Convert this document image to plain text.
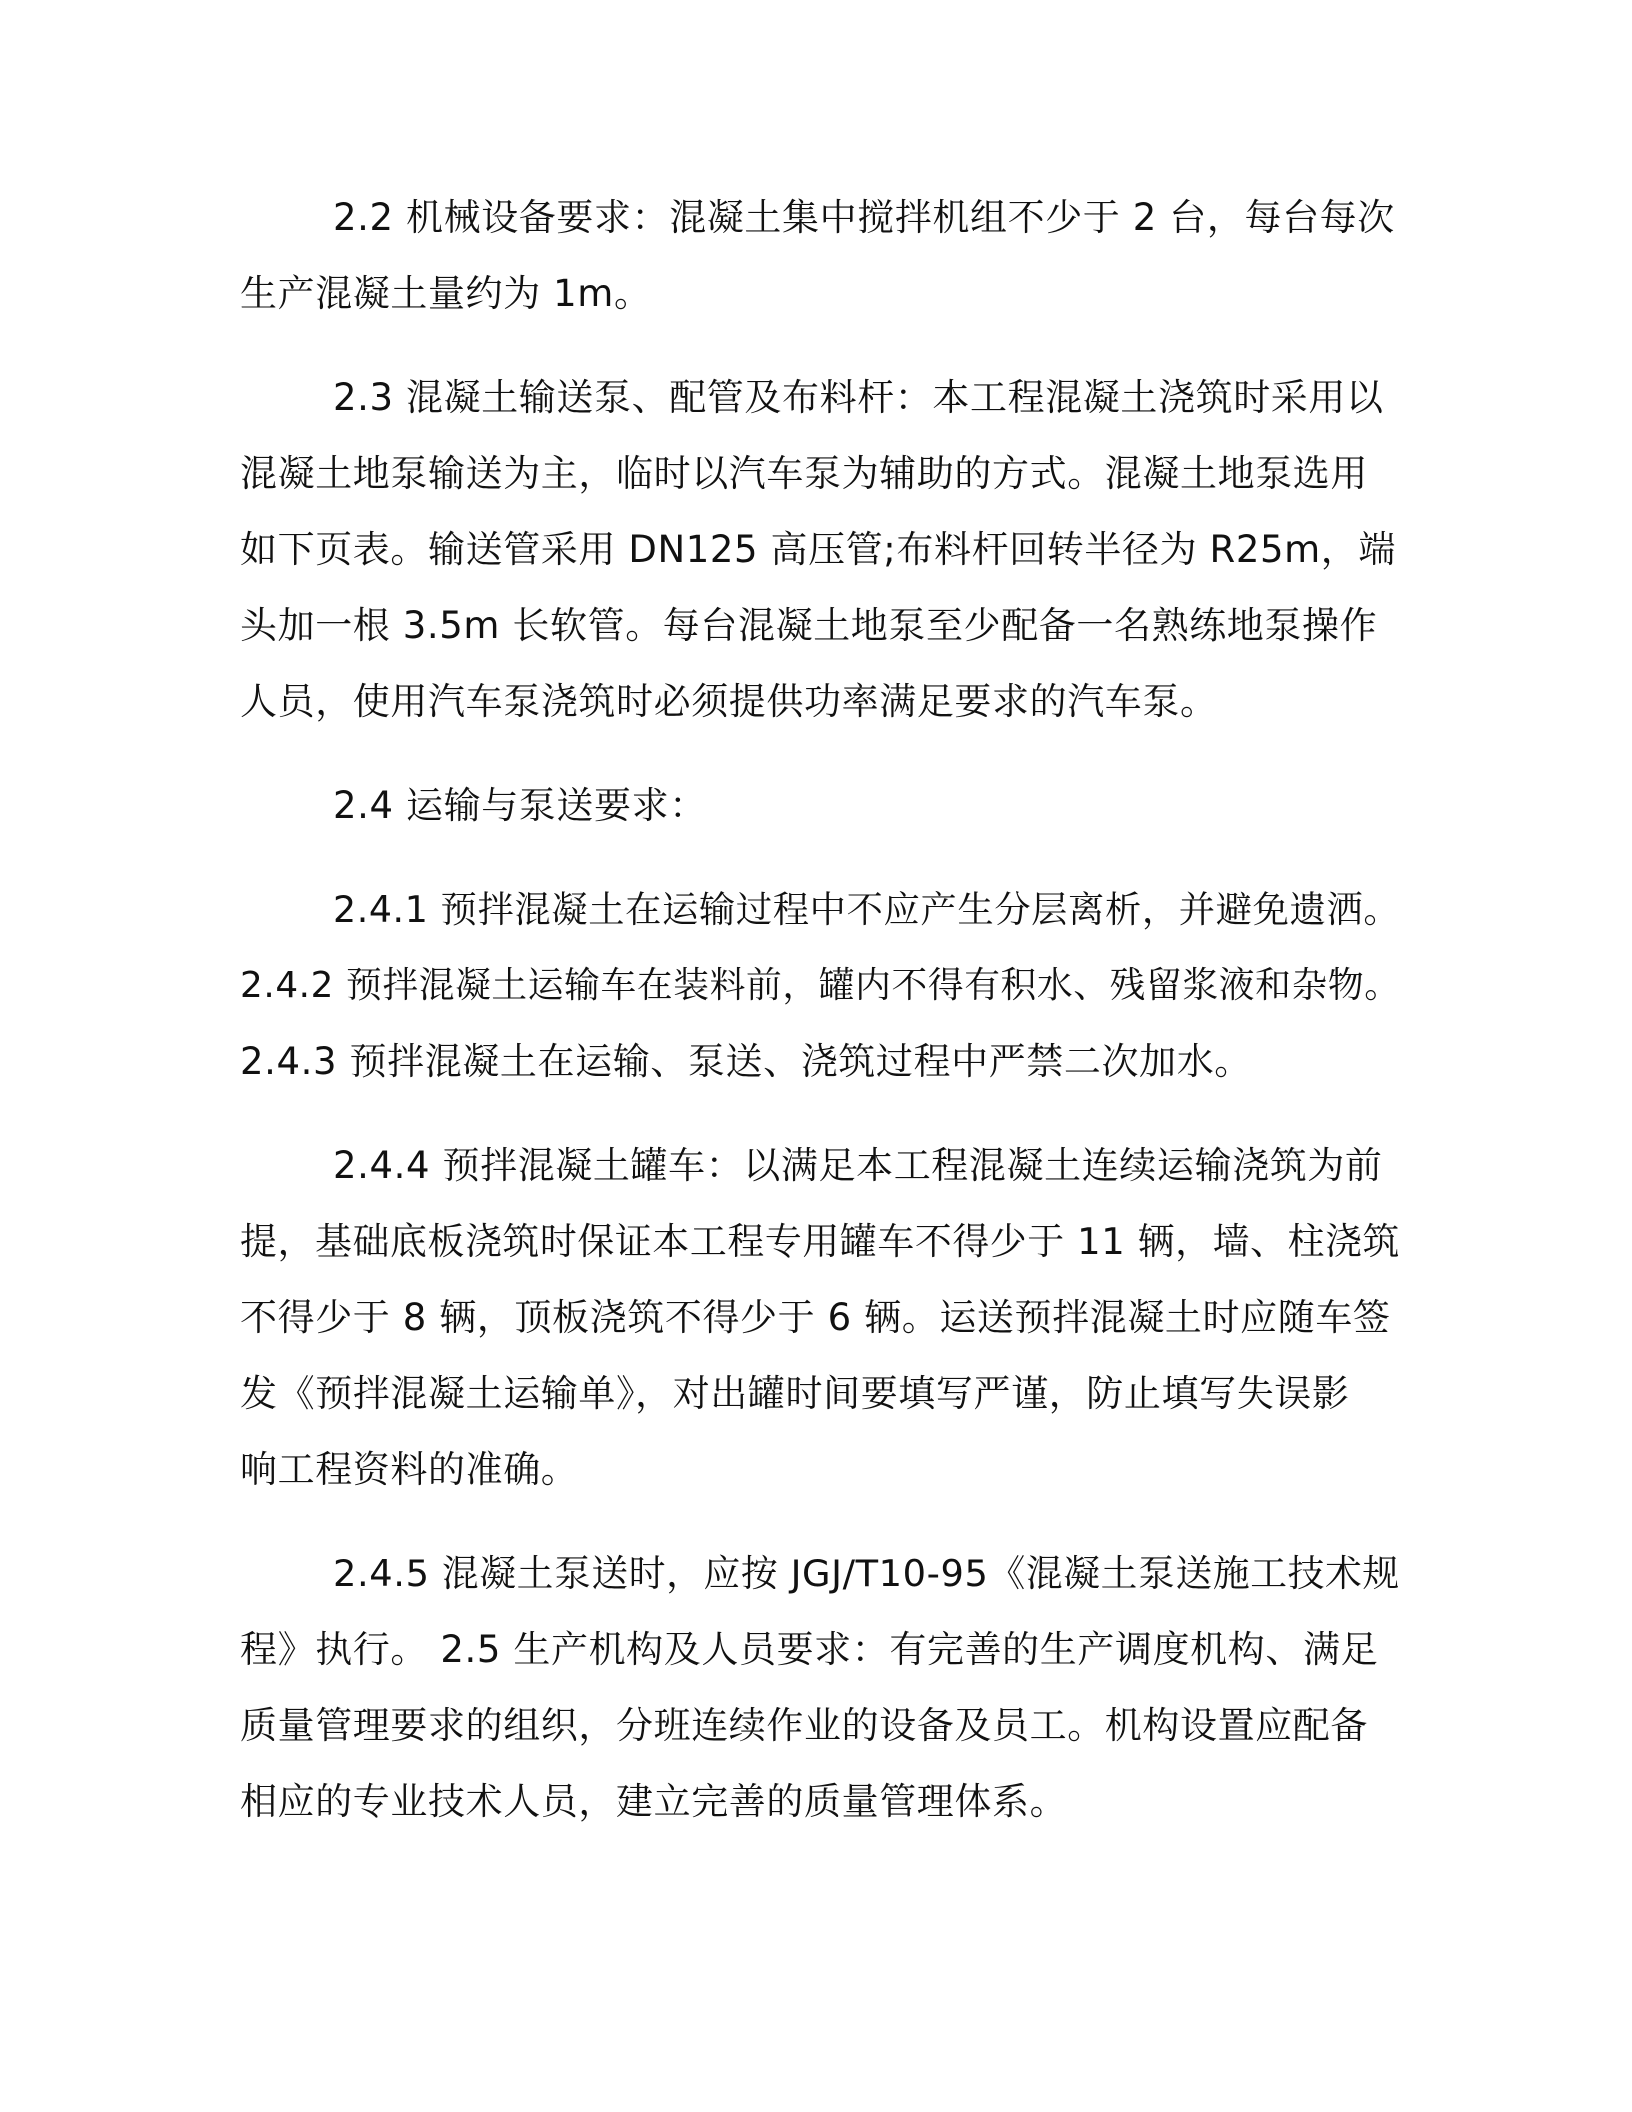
2.2 机械设备要求：混凝土集中搅拌机组不少于 2 台，每台每次
生产混凝土量约为 1m。
2.3 混凝土输送泵、配管及布料杆：本工程混凝土浇筑时采用以
混凝土地泵输送为主，临时以汽车泵为辅助的方式。混凝土地泵选用
如下页表。输送管采用 DN125 高压管;布料杆回转半径为 R25m，端
头加一根 3.5m 长软管。每台混凝土地泵至少配备一名熟练地泵操作
人员，使用汽车泵浇筑时必须提供功率满足要求的汽车泵。
2.4 运输与泵送要求：
2.4.1 预拌混凝土在运输过程中不应产生分层离析，并避免遗洒。
2.4.2 预拌混凝土运输车在装料前，罐内不得有积水、残留浆液和杂物。
2.4.3 预拌混凝土在运输、泵送、浇筑过程中严禁二次加水。
2.4.4 预拌混凝土罐车：以满足本工程混凝土连续运输浇筑为前
提，基础底板浇筑时保证本工程专用罐车不得少于 11 辆，墙、柱浇筑
不得少于 8 辆，顶板浇筑不得少于 6 辆。运送预拌混凝土时应随车签
发《预拌混凝土运输单》，对出罐时间要填写严谨，防止填写失误影
响工程资料的准确。
2.4.5 混凝土泵送时，应按 JGJ/T10-95《混凝土泵送施工技术规
程》执行。 2.5 生产机构及人员要求：有完善的生产调度机构、满足
质量管理要求的组织，分班连续作业的设备及员工。机构设置应配备
相应的专业技术人员，建立完善的质量管理体系。
